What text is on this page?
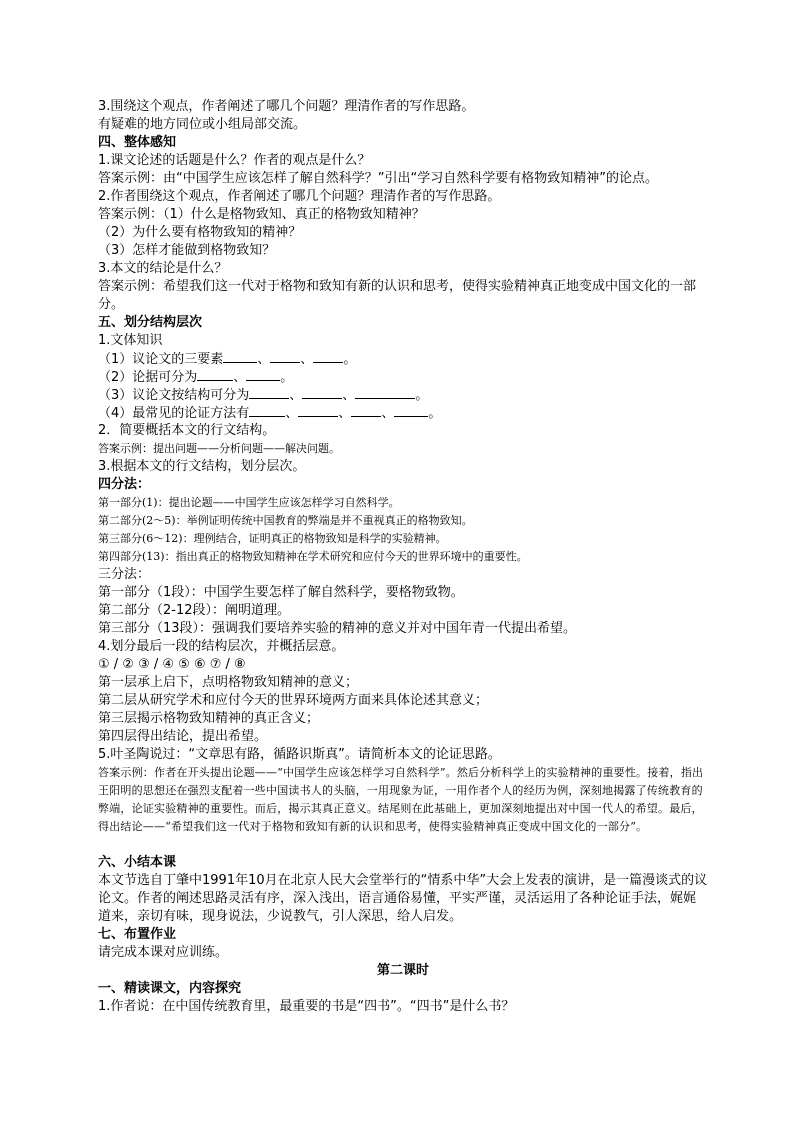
3.围绕这个观点，作者阐述了哪几个问题？理清作者的写作思路。
有疑难的地方同位或小组局部交流。
四、整体感知
1.课文论述的话题是什么？作者的观点是什么？
答案示例：由“中国学生应该怎样了解自然科学？”引出“学习自然科学要有格物致知精神”的论点。
2.作者围绕这个观点，作者阐述了哪几个问题？理清作者的写作思路。
答案示例：（1）什么是格物致知、真正的格物致知精神？
（2）为什么要有格物致知的精神？
（3）怎样才能做到格物致知？
3.本文的结论是什么？
答案示例：希望我们这一代对于格物和致知有新的认识和思考，使得实验精神真正地变成中国文化的一部分。
五、划分结构层次
1.文体知识
（1）议论文的三要素	、 、 。
（2）论据可分为	、	。
（3）议论文按结构可分为	、	、	。
（4）最常见的论证方法有	、	、 、	。
2．简要概括本文的行文结构。
答案示例：提出问题——分析问题——解决问题。
3.根据本文的行文结构，划分层次。
四分法：
第一部分(1)：提出论题——中国学生应该怎样学习自然科学。
第二部分(2～5)：举例证明传统中国教育的弊端是并不重视真正的格物致知。
第三部分(6～12)：理例结合，证明真正的格物致知是科学的实验精神。
第四部分(13)：指出真正的格物致知精神在学术研究和应付今天的世界环境中的重要性。
三分法：
第一部分（1段）：中国学生要怎样了解自然科学，要格物致物。
第二部分（2-12段）：阐明道理。
第三部分（13段）：强调我们要培养实验的精神的意义并对中国年青一代提出希望。
4.划分最后一段的结构层次，并概括层意。
① / ② ③ / ④ ⑤ ⑥ ⑦ / ⑧
第一层承上启下，点明格物致知精神的意义；
第二层从研究学术和应付今天的世界环境两方面来具体论述其意义；
第三层揭示格物致知精神的真正含义；
第四层得出结论，提出希望。
5.叶圣陶说过：“文章思有路，循路识斯真”。请简析本文的论证思路。
答案示例：作者在开头提出论题——“中国学生应该怎样学习自然科学”。然后分析科学上的实验精神的重要性。接着，指出王阳明的思想还在强烈支配着一些中国读书人的头脑，一用现象为证，一用作者个人的经历为例，深刻地揭露了传统教育的弊端，论证实验精神的重要性。而后，揭示其真正意义。结尾则在此基础上，更加深刻地提出对中国一代人的希望。最后，得出结论——“希望我们这一代对于格物和致知有新的认识和思考，使得实验精神真正变成中国文化的一部分”。
六、小结本课
本文节选自丁肇中1991年10月在北京人民大会堂举行的“情系中华”大会上发表的演讲，是一篇漫谈式的议论文。作者的阐述思路灵活有序，深入浅出，语言通俗易懂，平实严谨，灵活运用了各种论证手法，娓娓道来，亲切有味，现身说法，少说教气，引人深思，给人启发。
七、布置作业
请完成本课对应训练。
第二课时
一、精读课文，内容探究
1.作者说：在中国传统教育里，最重要的书是“四书”。“四书”是什么书？
